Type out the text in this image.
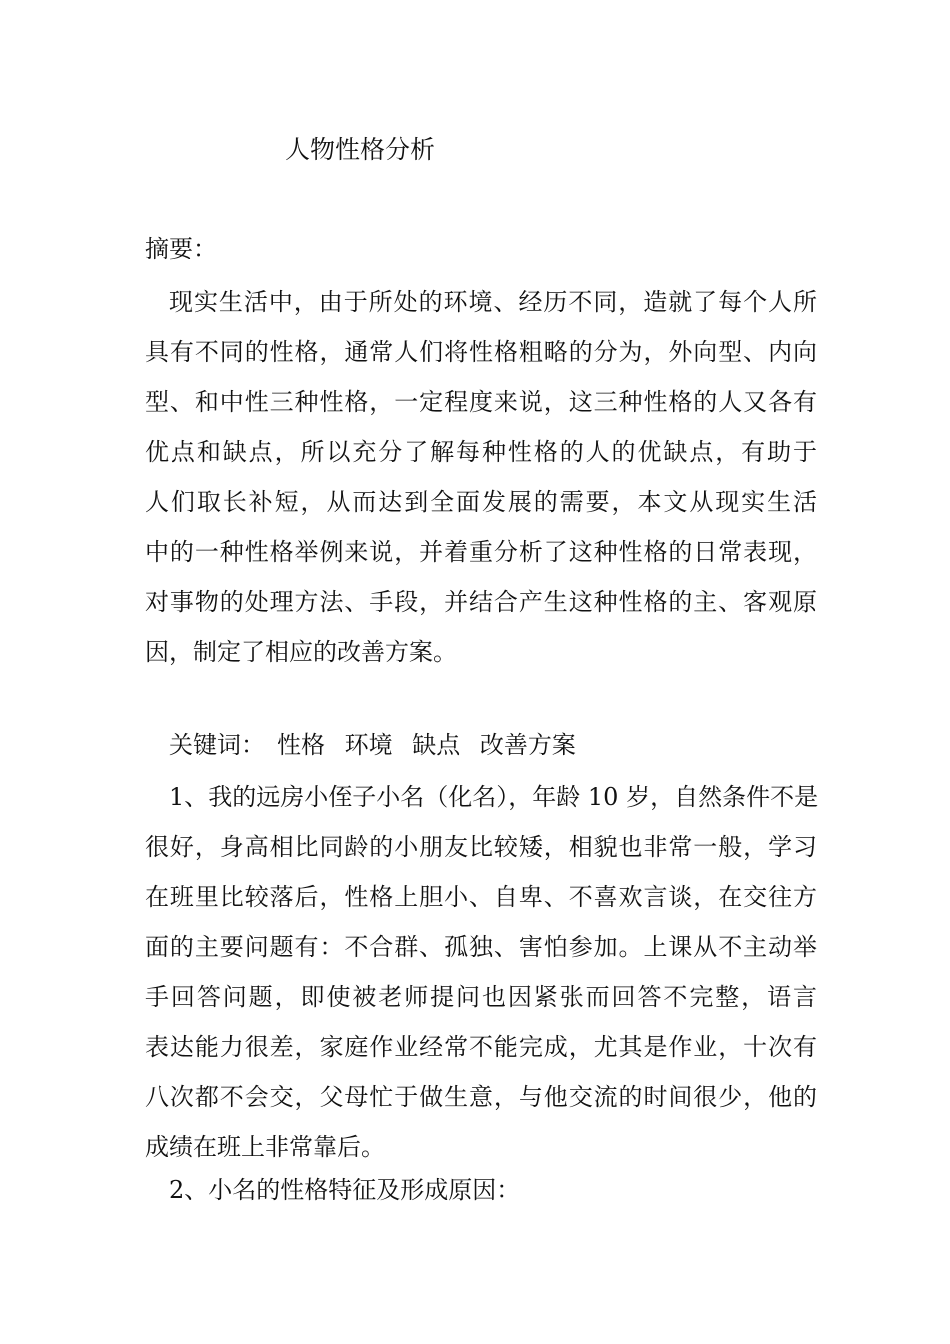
人物性格分析
摘要：
现实生活中，由于所处的环境、经历不同，造就了每个人所
具有不同的性格，通常人们将性格粗略的分为，外向型、内向
型、和中性三种性格，一定程度来说，这三种性格的人又各有
优点和缺点，所以充分了解每种性格的人的优缺点，有助于
人们取长补短，从而达到全面发展的需要，本文从现实生活
中的一种性格举例来说，并着重分析了这种性格的日常表现，
对事物的处理方法、手段，并结合产生这种性格的主、客观原
因，制定了相应的改善方案。
关键词： 性格 环境 缺点 改善方案
1、我的远房小侄子小名（化名），年龄 10 岁，自然条件不是
很好，身高相比同龄的小朋友比较矮，相貌也非常一般，学习
在班里比较落后，性格上胆小、自卑、不喜欢言谈，在交往方
面的主要问题有：不合群、孤独、害怕参加。上课从不主动举
手回答问题，即使被老师提问也因紧张而回答不完整，语言
表达能力很差，家庭作业经常不能完成，尤其是作业，十次有
八次都不会交，父母忙于做生意，与他交流的时间很少，他的
成绩在班上非常靠后。
2、小名的性格特征及形成原因：
